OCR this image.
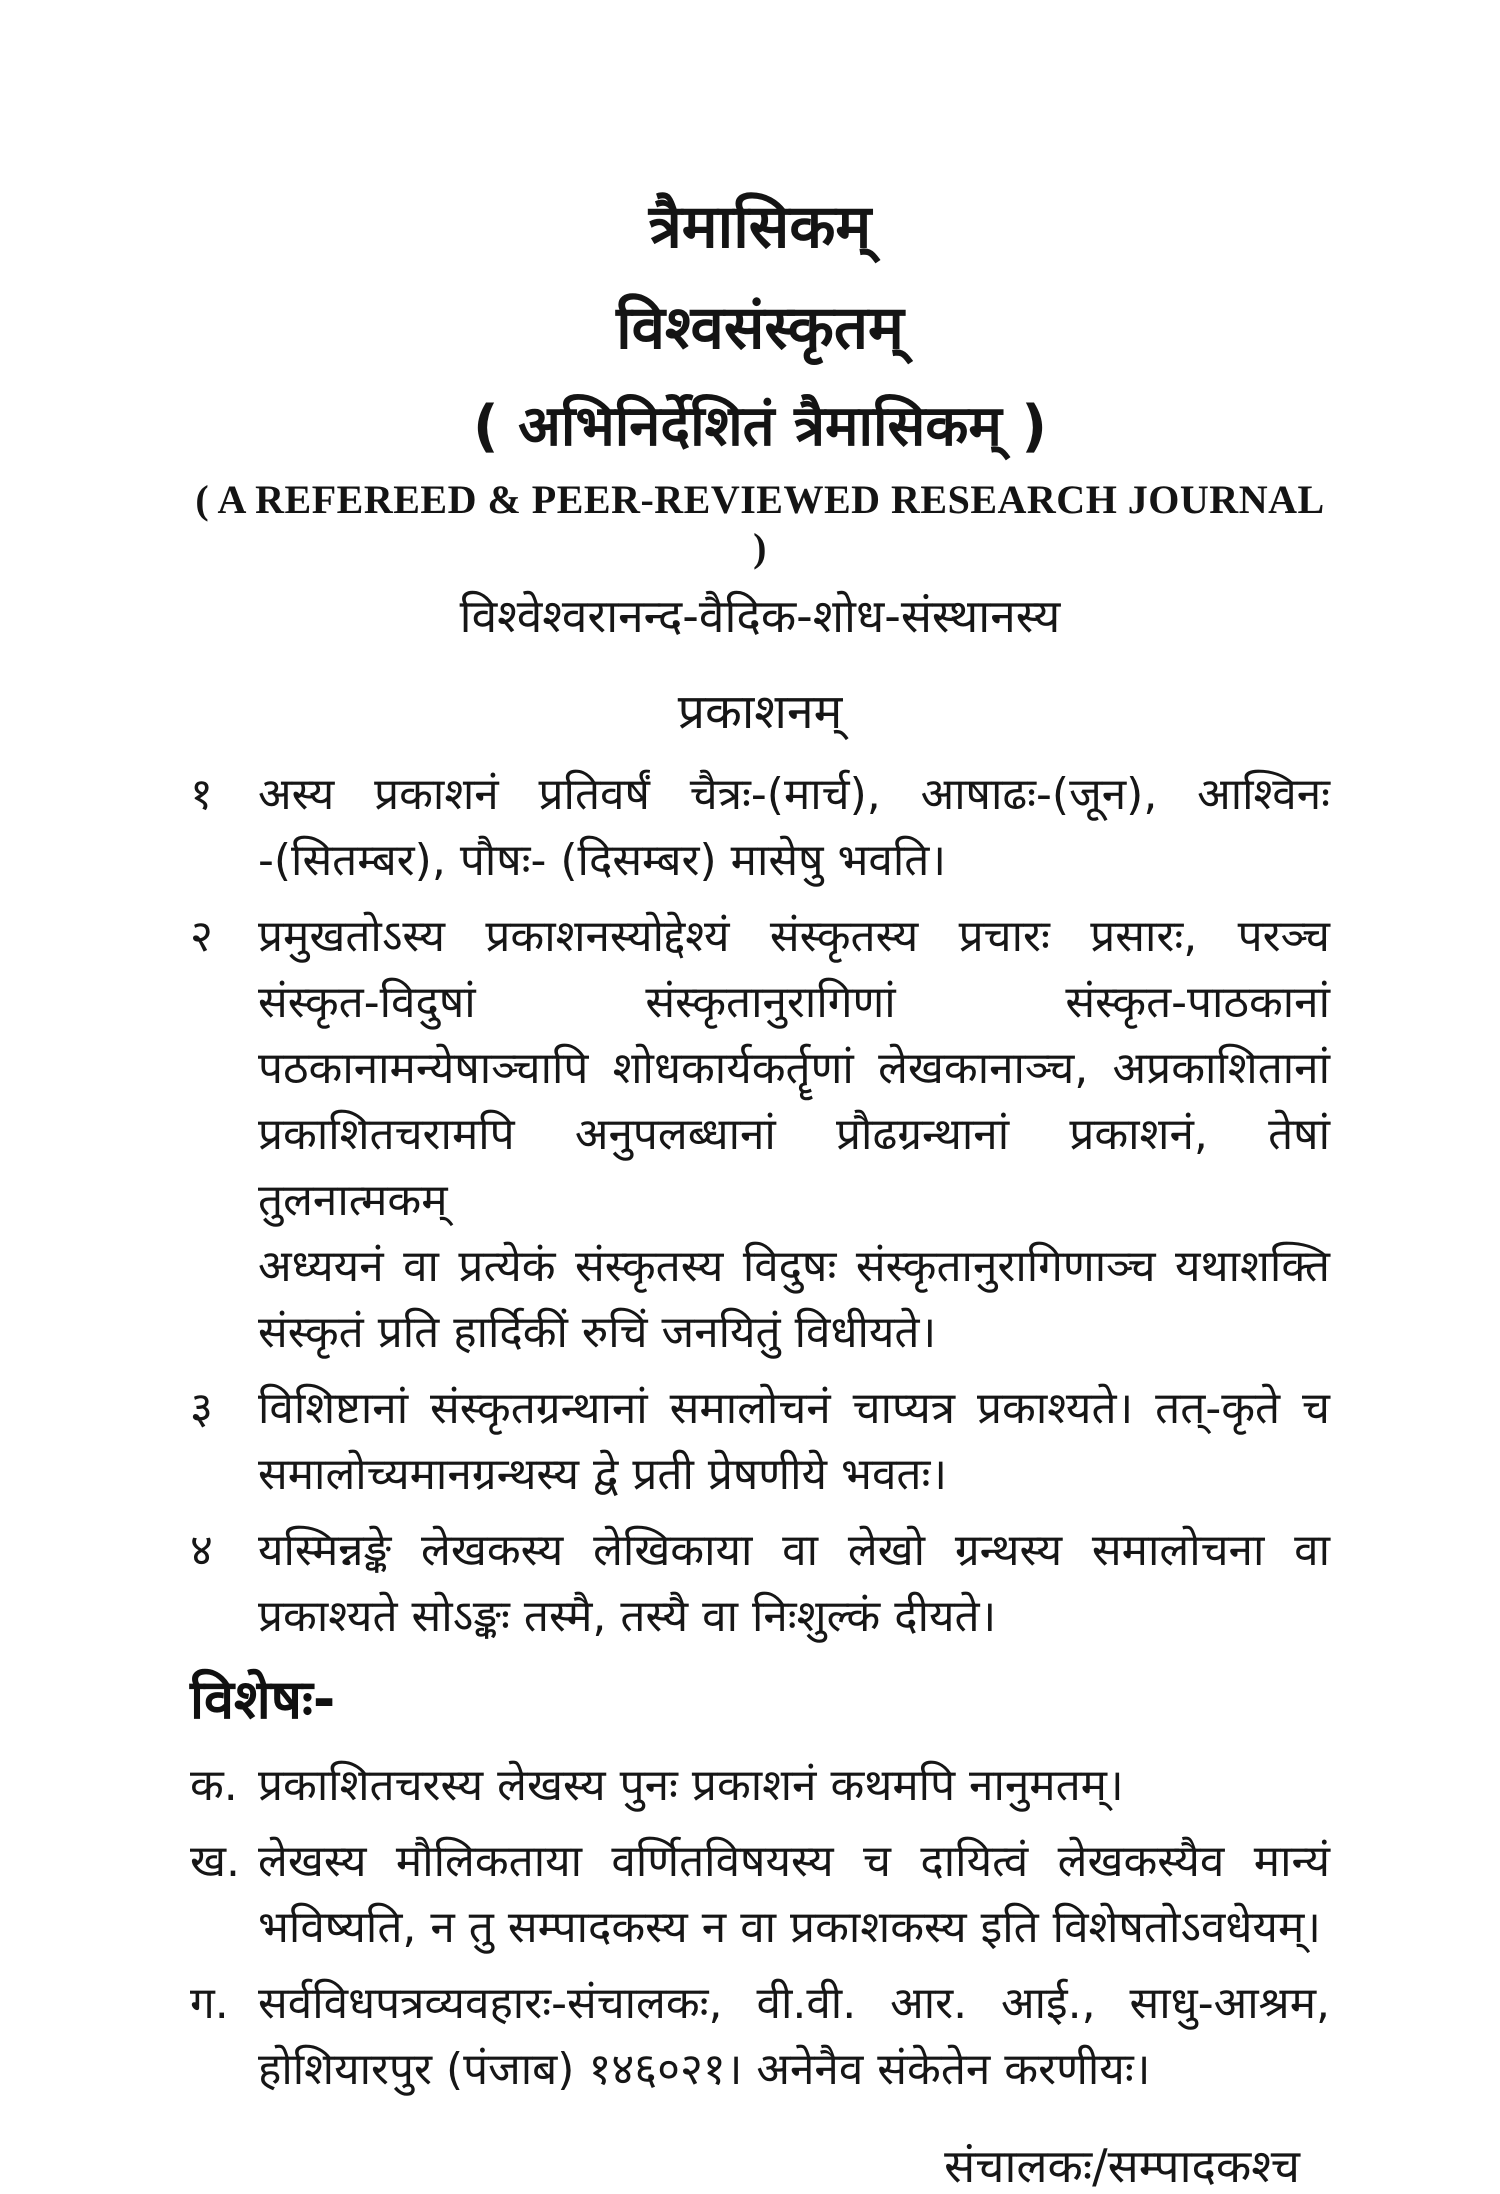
त्रैमासिकम्
विश्वसंस्कृतम्
( अभिनिर्देशितं त्रैमासिकम् )
( A REFEREED & PEER-REVIEWED RESEARCH JOURNAL )
विश्वेश्वरानन्द-वैदिक-शोध-संस्थानस्य
प्रकाशनम्
१	अस्य प्रकाशनं प्रतिवर्षं चैत्रः-(मार्च), आषाढः-(जून), आश्विनः
-(सितम्बर), पौषः- (दिसम्बर) मासेषु भवति।
२	प्रमुखतोऽस्य प्रकाशनस्योद्देश्यं संस्कृतस्य प्रचारः प्रसारः, परञ्च
संस्कृत-विदुषां संस्कृतानुरागिणां संस्कृत-पाठकानां
पठकानामन्येषाञ्चापि शोधकार्यकर्तॄणां लेखकानाञ्च, अप्रकाशितानां
प्रकाशितचरामपि अनुपलब्धानां प्रौढग्रन्थानां प्रकाशनं, तेषां तुलनात्मकम्
अध्ययनं वा प्रत्येकं संस्कृतस्य विदुषः संस्कृतानुरागिणाञ्च यथाशक्ति
संस्कृतं प्रति हार्दिकीं रुचिं जनयितुं विधीयते।
३	विशिष्टानां संस्कृतग्रन्थानां समालोचनं चाप्यत्र प्रकाश्यते। तत्-कृते च
समालोच्यमानग्रन्थस्य द्वे प्रती प्रेषणीये भवतः।
४	यस्मिन्नङ्के लेखकस्य लेखिकाया वा लेखो ग्रन्थस्य समालोचना वा
प्रकाश्यते सोऽङ्कः तस्मै, तस्यै वा निःशुल्कं दीयते।
विशेषः-
क. प्रकाशितचरस्य लेखस्य पुनः प्रकाशनं कथमपि नानुमतम्।
ख. लेखस्य मौलिकताया वर्णितविषयस्य च दायित्वं लेखकस्यैव मान्यं
भविष्यति, न तु सम्पादकस्य न वा प्रकाशकस्य इति विशेषतोऽवधेयम्।
ग. सर्वविधपत्रव्यवहारः-संचालकः, वी.वी. आर. आई., साधु-आश्रम,
होशियारपुर (पंजाब) १४६०२१। अनेनैव संकेतेन करणीयः।
संचालकः/सम्पादकश्च
